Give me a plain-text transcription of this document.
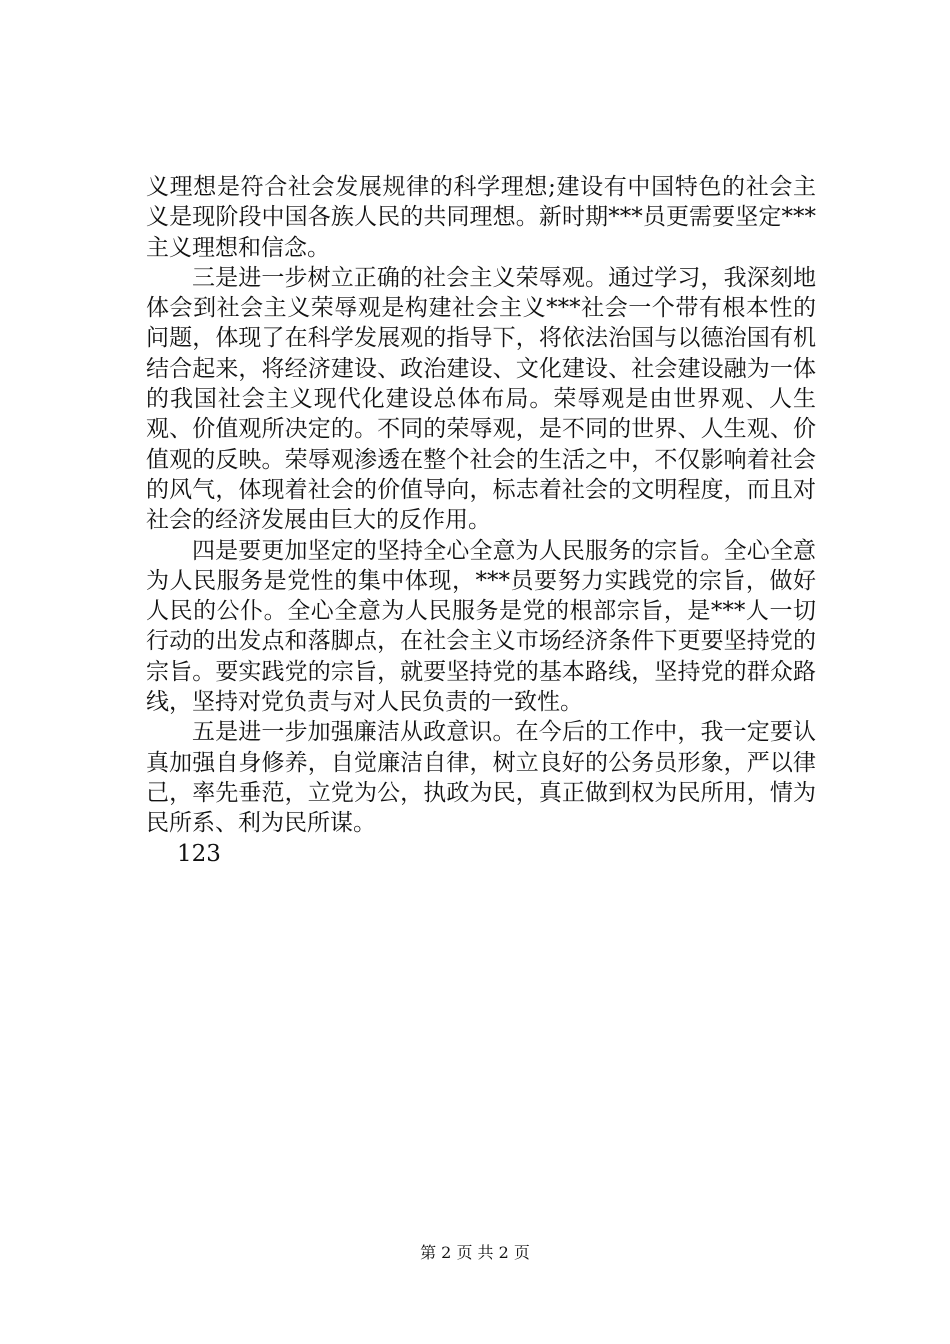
义理想是符合社会发展规律的科学理想;建设有中国特色的社会主义是现阶段中国各族人民的共同理想。新时期***员更需要坚定***主义理想和信念。

三是进一步树立正确的社会主义荣辱观。通过学习，我深刻地体会到社会主义荣辱观是构建社会主义***社会一个带有根本性的问题，体现了在科学发展观的指导下，将依法治国与以德治国有机结合起来，将经济建设、政治建设、文化建设、社会建设融为一体的我国社会主义现代化建设总体布局。荣辱观是由世界观、人生观、价值观所决定的。不同的荣辱观，是不同的世界、人生观、价值观的反映。荣辱观渗透在整个社会的生活之中，不仅影响着社会的风气，体现着社会的价值导向，标志着社会的文明程度，而且对社会的经济发展由巨大的反作用。

四是要更加坚定的坚持全心全意为人民服务的宗旨。全心全意为人民服务是党性的集中体现，***员要努力实践党的宗旨，做好人民的公仆。全心全意为人民服务是党的根部宗旨，是***人一切行动的出发点和落脚点，在社会主义市场经济条件下更要坚持党的宗旨。要实践党的宗旨，就要坚持党的基本路线，坚持党的群众路线，坚持对党负责与对人民负责的一致性。

五是进一步加强廉洁从政意识。在今后的工作中，我一定要认真加强自身修养，自觉廉洁自律，树立良好的公务员形象，严以律己，率先垂范，立党为公，执政为民，真正做到权为民所用，情为民所系、利为民所谋。

123

第 2 页 共 2 页
